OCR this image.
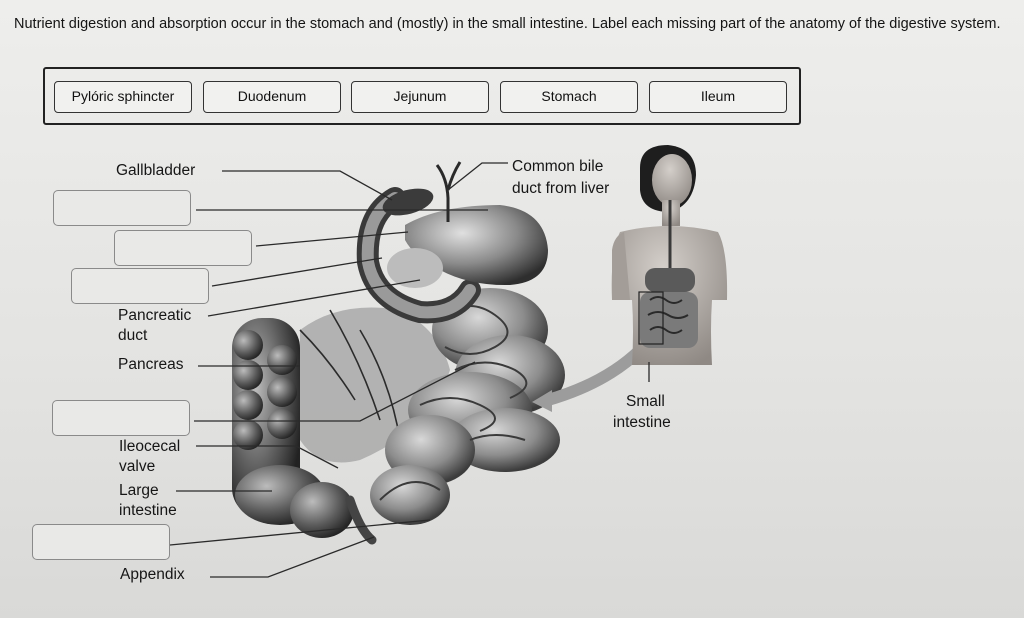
Nutrient digestion and absorption occur in the stomach and (mostly) in the small intestine. Label each missing part of the anatomy of the digestive system.
Pylóric sphincter	Duodenum	Jejunum	Stomach	Ileum
Gallbladder	Common bile
duct from liver
Pancreatic
duct
Pancreas
Ileocecal
valve
Large
intestine
Appendix
Small
intestine
